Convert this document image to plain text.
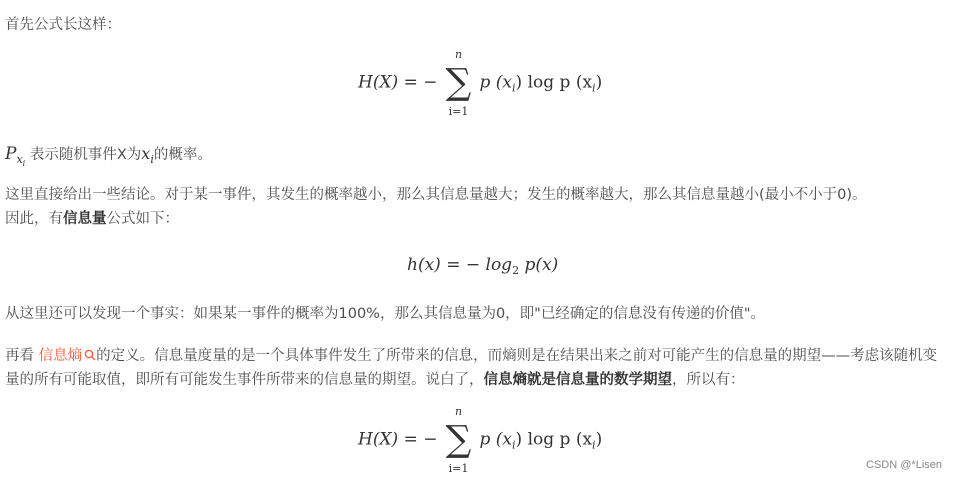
首先公式长这样：

H(X) = −
n
∑
i=1
p $(x_i)$ log p $(x_i)$

$P_{x_i}$ 表示随机事件X为$x_i$的概率。

这里直接给出一些结论。对于某一事件，其发生的概率越小，那么其信息量越大；发生的概率越大，那么其信息量越小(最小不小于0)。

因此，有信息量公式如下：

h(x) = − $\log_2 p(x)$

从这里还可以发现一个事实：如果某一事件的概率为100%，那么其信息量为0，即"已经确定的信息没有传递的价值"。

再看 信息熵 的定义。信息量度量的是一个具体事件发生了所带来的信息，而熵则是在结果出来之前对可能产生的信息量的期望——考虑该随机变量的所有可能取值，即所有可能发生事件所带来的信息量的期望。说白了，信息熵就是信息量的数学期望，所以有：

H(X) = −
n
∑
i=1
p $(x_i)$ log p $(x_i)$
CSDN @*Lisen
